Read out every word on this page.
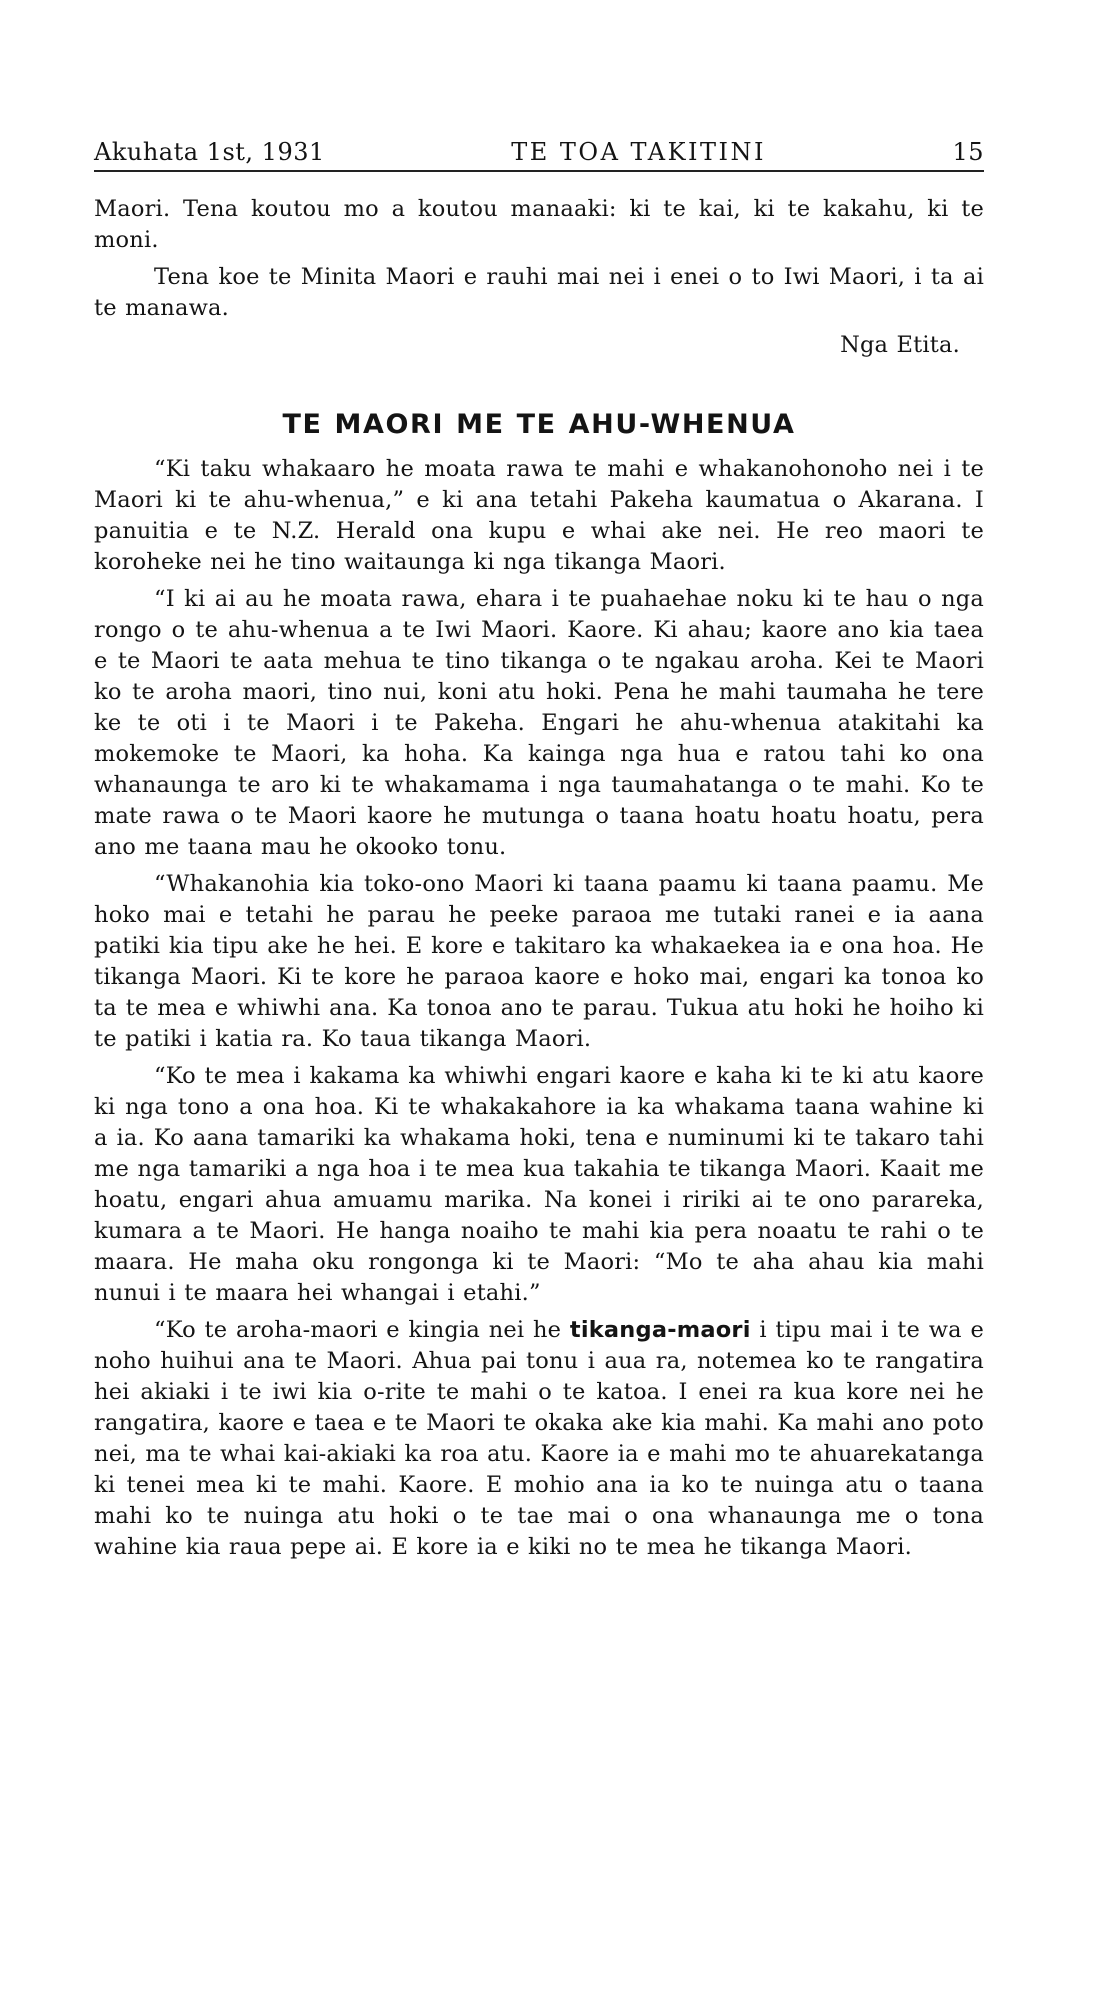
Akuhata 1st, 1931	TE TOA TAKITINI	15

Maori. Tena koutou mo a koutou manaaki: ki te kai, ki te kakahu, ki te moni.

Tena koe te Minita Maori e rauhi mai nei i enei o to Iwi Maori, i ta ai te manawa.

Nga Etita.

TE MAORI ME TE AHU-WHENUA

“Ki taku whakaaro he moata rawa te mahi e whakanohonoho nei i te Maori ki te ahu-whenua,” e ki ana tetahi Pakeha kaumatua o Akarana. I panuitia e te N.Z. Herald ona kupu e whai ake nei. He reo maori te koroheke nei he tino waitaunga ki nga tikanga Maori.

“I ki ai au he moata rawa, ehara i te puahaehae noku ki te hau o nga rongo o te ahu-whenua a te Iwi Maori. Kaore. Ki ahau; kaore ano kia taea e te Maori te aata mehua te tino tikanga o te ngakau aroha. Kei te Maori ko te aroha maori, tino nui, koni atu hoki. Pena he mahi taumaha he tere ke te oti i te Maori i te Pakeha. Engari he ahu-whenua atakitahi ka mokemoke te Maori, ka hoha. Ka kainga nga hua e ratou tahi ko ona whanaunga te aro ki te whakamama i nga taumahatanga o te mahi. Ko te mate rawa o te Maori kaore he mutunga o taana hoatu hoatu hoatu, pera ano me taana mau he okooko tonu.

“Whakanohia kia toko-ono Maori ki taana paamu ki taana paamu. Me hoko mai e tetahi he parau he peeke paraoa me tutaki ranei e ia aana patiki kia tipu ake he hei. E kore e takitaro ka whakaekea ia e ona hoa. He tikanga Maori. Ki te kore he paraoa kaore e hoko mai, engari ka tonoa ko ta te mea e whiwhi ana. Ka tonoa ano te parau. Tukua atu hoki he hoiho ki te patiki i katia ra. Ko taua tikanga Maori.

“Ko te mea i kakama ka whiwhi engari kaore e kaha ki te ki atu kaore ki nga tono a ona hoa. Ki te whakakahore ia ka whakama taana wahine ki a ia. Ko aana tamariki ka whakama hoki, tena e numinumi ki te takaro tahi me nga tamariki a nga hoa i te mea kua takahia te tikanga Maori. Kaait me hoatu, engari ahua amuamu marika. Na konei i ririki ai te ono parareka, kumara a te Maori. He hanga noaiho te mahi kia pera noaatu te rahi o te maara. He maha oku rongonga ki te Maori: “Mo te aha ahau kia mahi nunui i te maara hei whangai i etahi.”

“Ko te aroha-maori e kingia nei he tikanga-maori i tipu mai i te wa e noho huihui ana te Maori. Ahua pai tonu i aua ra, notemea ko te rangatira hei akiaki i te iwi kia o-rite te mahi o te katoa. I enei ra kua kore nei he rangatira, kaore e taea e te Maori te okaka ake kia mahi. Ka mahi ano poto nei, ma te whai kai-akiaki ka roa atu. Kaore ia e mahi mo te ahuarekatanga ki tenei mea ki te mahi. Kaore. E mohio ana ia ko te nuinga atu o taana mahi ko te nuinga atu hoki o te tae mai o ona whanaunga me o tona wahine kia raua pepe ai. E kore ia e kiki no te mea he tikanga Maori.
